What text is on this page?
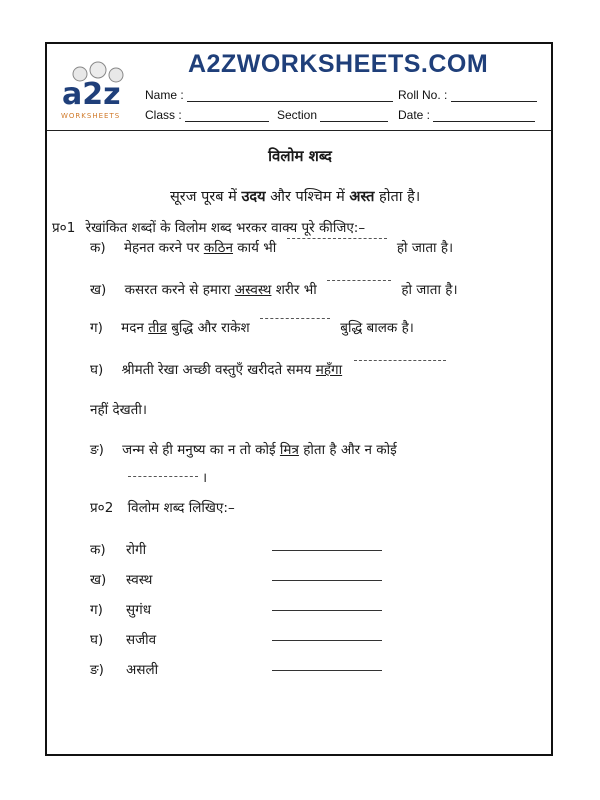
a2z
WORKSHEETS
A2ZWORKSHEETS.COM
Name :	Roll No. :
Class :	Section	Date :
विलोम शब्द
सूरज पूरब में उदय और पश्चिम में अस्त होता है।
प्र०1 रेखांकित शब्दों के विलोम शब्द भरकर वाक्य पूरे कीजिए:–
क) मेहनत करने पर कठिन कार्य भी	हो जाता है।
ख) कसरत करने से हमारा अस्वस्थ शरीर भी	हो जाता है।
ग) मदन तीव्र बुद्धि और राकेश	बुद्धि बालक है।
घ) श्रीमती रेखा अच्छी वस्तुएँ खरीदते समय महँगा
नहीं देखती।
ङ) जन्म से ही मनुष्य का न तो कोई मित्र होता है और न कोई
।
प्र०2 विलोम शब्द लिखिए:–
क) रोगी
ख) स्वस्थ
ग) सुगंध
घ) सजीव
ङ) असली
